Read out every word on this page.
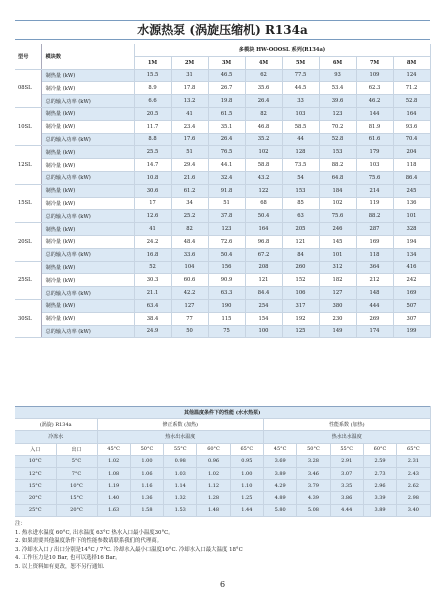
水源热泵 (涡旋压缩机) R134a
型号	模块数	多模块 HW-OOOSL 系列(R134a)							
		1M	2M	3M	4M	5M	6M	7M	8M
08SL	制热量 (kW)	15.5	31	46.5	62	77.5	93	109	124
	制冷量 (kW)	8.9	17.8	26.7	35.6	44.5	53.4	62.3	71.2
	总的输入功率 (kW)	6.6	13.2	19.8	26.4	33	39.6	46.2	52.8
10SL	制热量 (kW)	20.5	41	61.5	82	103	123	144	164
	制冷量 (kW)	11.7	23.4	35.1	46.8	58.5	70.2	81.9	93.6
	总的输入功率 (kW)	8.8	17.6	26.4	35.2	44	52.8	61.6	70.4
12SL	制热量 (kW)	25.5	51	76.5	102	128	153	179	204
	制冷量 (kW)	14.7	29.4	44.1	58.8	73.5	88.2	103	118
	总的输入功率 (kW)	10.8	21.6	32.4	43.2	54	64.8	75.6	86.4
15SL	制热量 (kW)	30.6	61.2	91.8	122	153	184	214	245
	制冷量 (kW)	17	34	51	68	85	102	119	136
	总的输入功率 (kW)	12.6	25.2	37.8	50.4	63	75.6	88.2	101
20SL	制热量 (kW)	41	82	123	164	205	246	287	328
	制冷量 (kW)	24.2	48.4	72.6	96.8	121	145	169	194
	总的输入功率 (kW)	16.8	33.6	50.4	67.2	84	101	118	134
25SL	制热量 (kW)	52	104	156	208	260	312	364	416
	制冷量 (kW)	30.3	60.6	90.9	121	152	182	212	242
	总的输入功率 (kW)	21.1	42.2	63.3	84.4	106	127	148	169
30SL	制热量 (kW)	63.4	127	190	254	317	380	444	507
	制冷量 (kW)	38.4	77	115	154	192	230	269	307
	总的输入功率 (kW)	24.9	50	75	100	125	149	174	199
其他温度条件下的性能 (水水热泵)											
(涡旋) R134a		修正系数 (加热)					性能系数 (加热)				
冷冻水		热水出水温度					热水出水温度				
入口	出口	45°C	50°C	55°C	60°C	65°C	45°C	50°C	55°C	60°C	65°C
10°C	5°C	1.02	1.00	0.98	0.96	0.95	3.69	3.28	2.91	2.59	2.31
12°C	7°C	1.08	1.06	1.03	1.02	1.00	3.89	3.46	3.07	2.73	2.43
15°C	10°C	1.19	1.16	1.14	1.12	1.10	4.29	3.79	3.35	2.96	2.62
20°C	15°C	1.40	1.36	1.32	1.28	1.25	4.89	4.39	3.86	3.39	2.98
25°C	20°C	1.63	1.58	1.53	1.48	1.44	5.80	5.08	4.44	3.89	3.40
注：
1. 热水进水温度 60°C, 出水温度 63°C 热水入口最小温度30°C。
2. 如果需要其他温度条件下的性能参数请联系我们的代理商。
3. 冷却水入口 / 出口分别是14°C / 7°C. 冷却水入最小口温度10°C. 冷却水入口最大温度 18°C
4. 工作压力是10 Bar, 也可以选择16 Bar。
5. 以上资料如有更改，恕不另行通知.
6
